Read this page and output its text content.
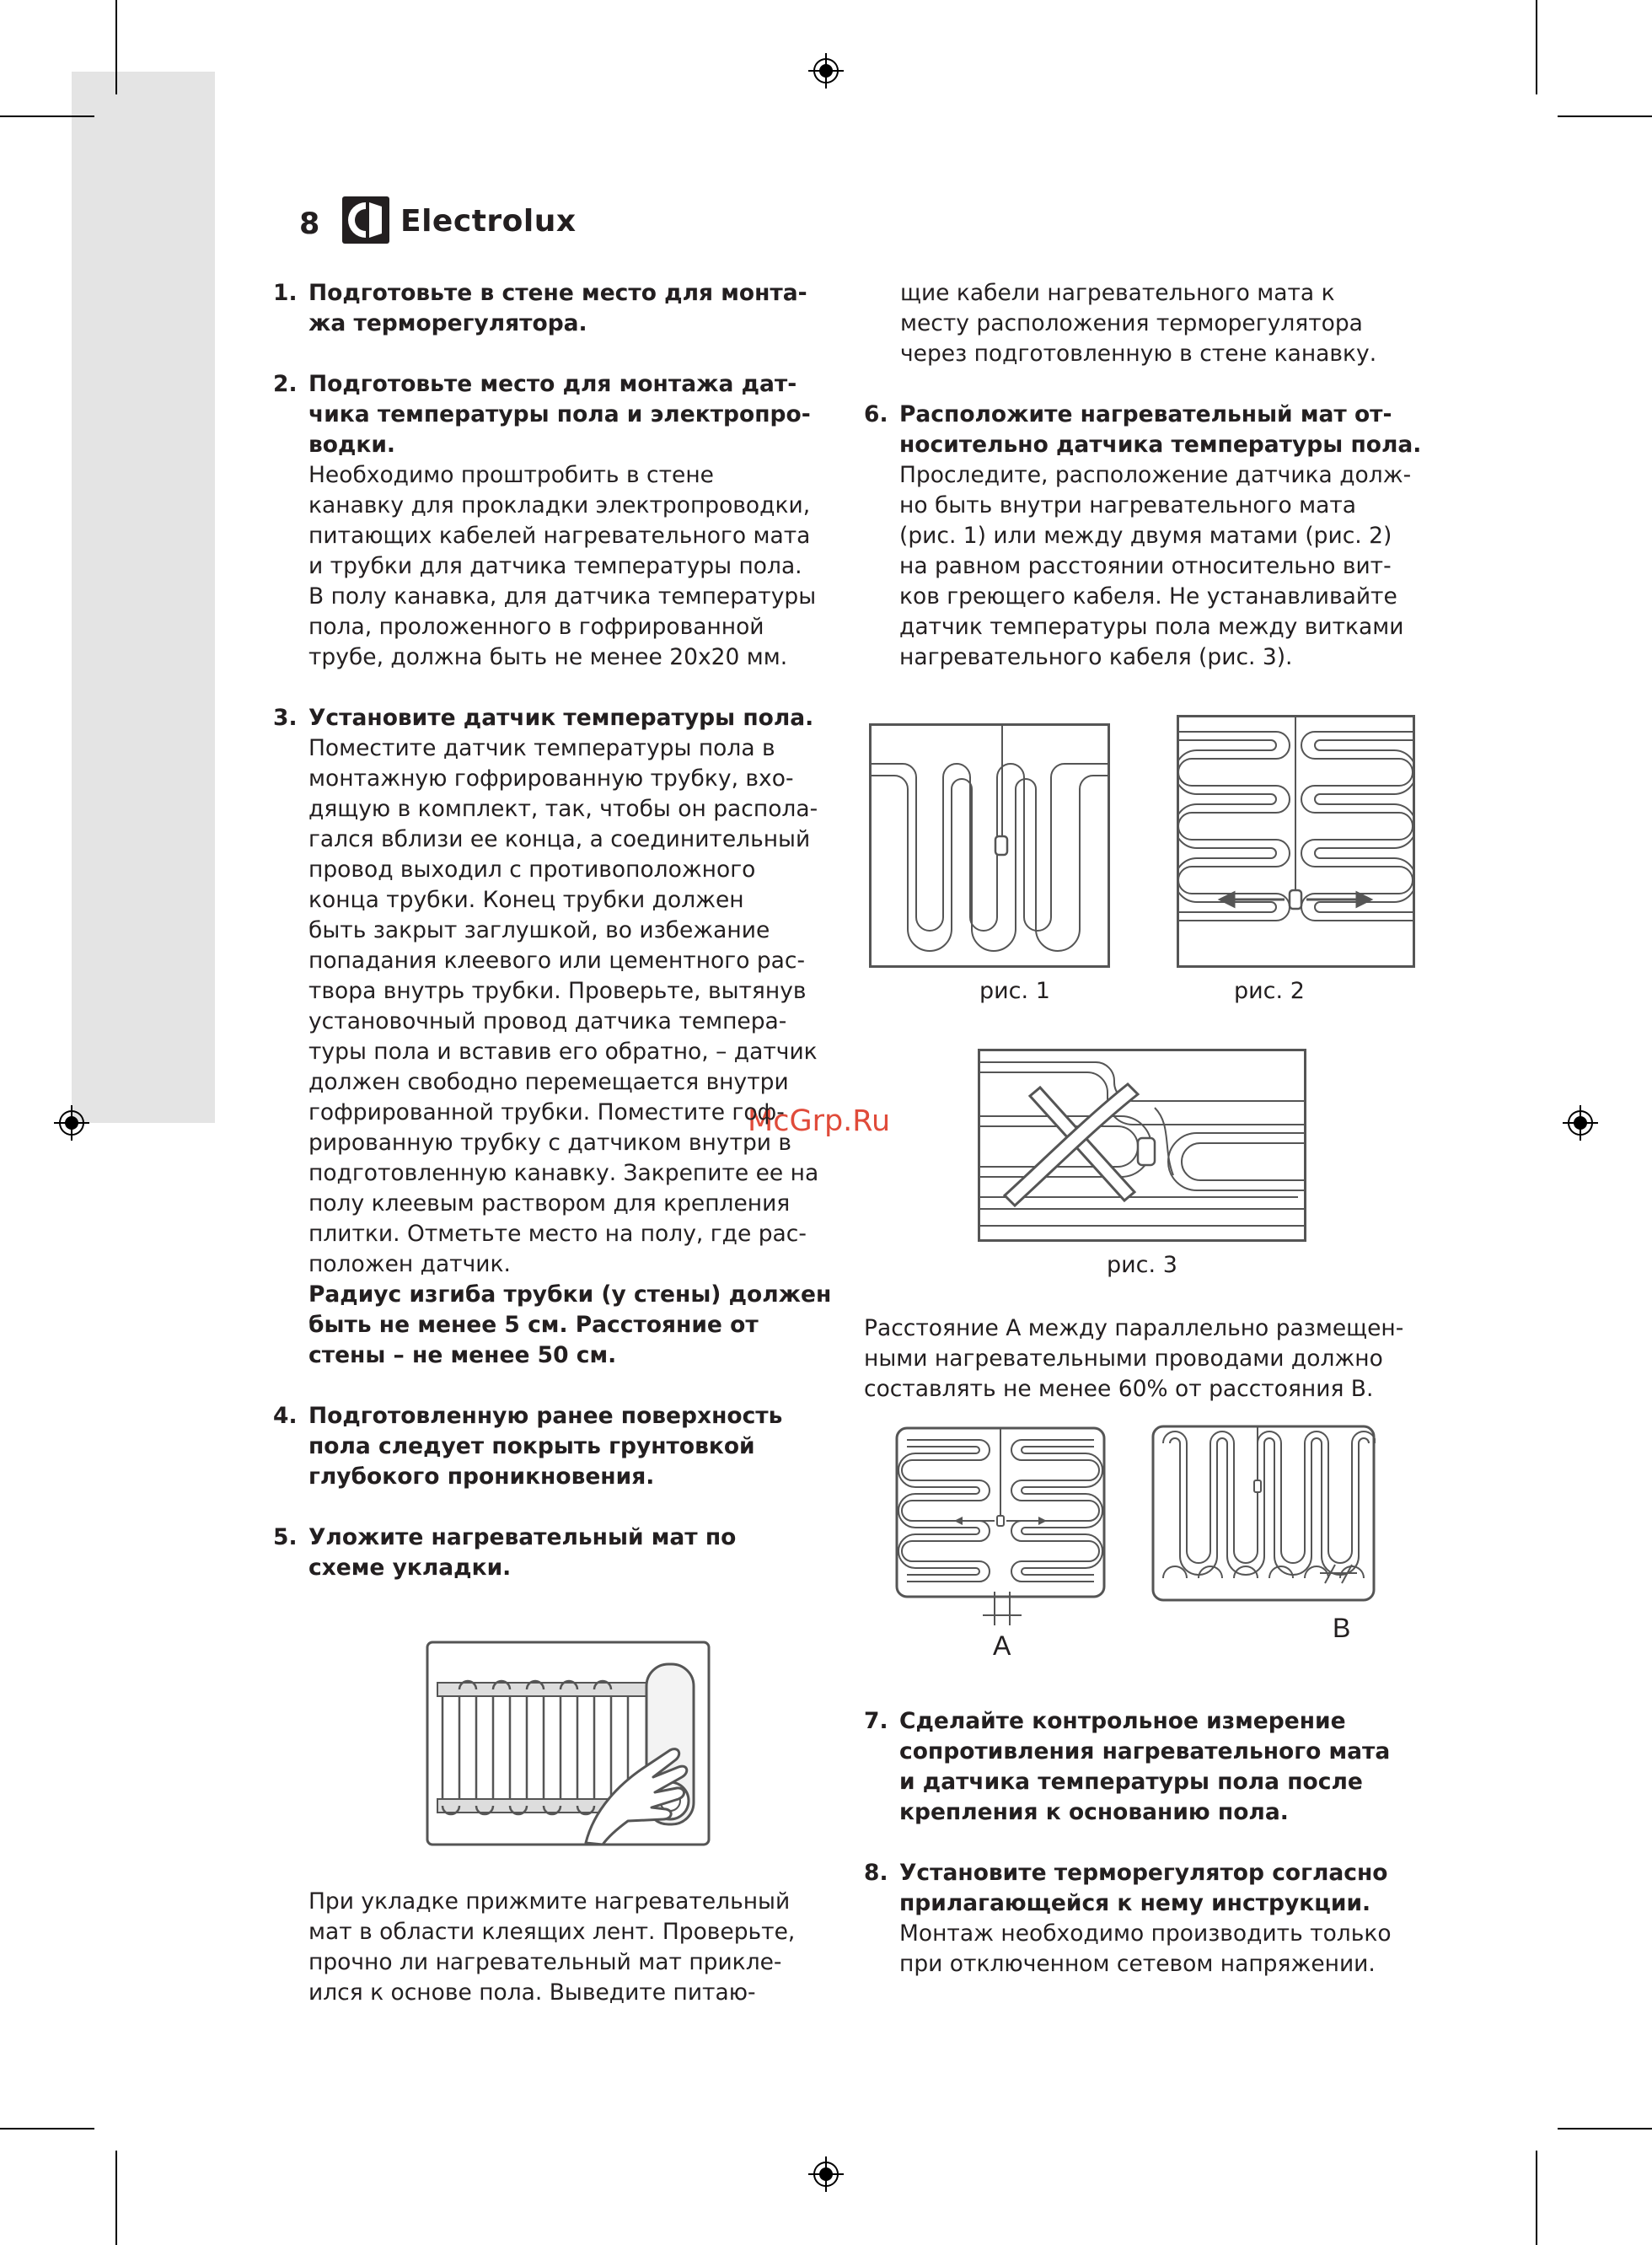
8	Electrolux
McGrp.Ru
1. Подготовьте в стене место для монта-
жа терморегулятора.
2. Подготовьте место для монтажа дат-
чика температуры пола и электропро-
водки.
Необходимо проштробить в стене
канавку для прокладки электропроводки,
питающих кабелей нагревательного мата
и трубки для датчика температуры пола.
В полу канавка, для датчика температуры
пола, проложенного в гофрированной
трубе, должна быть не менее 20х20 мм.
3. Установите датчик температуры пола.
Поместите датчик температуры пола в
монтажную гофрированную трубку, вхо-
дящую в комплект, так, чтобы он распола-
гался вблизи ее конца, а соединительный
провод выходил с противоположного
конца трубки. Конец трубки должен
быть закрыт заглушкой, во избежание
попадания клеевого или цементного рас-
твора внутрь трубки. Проверьте, вытянув
установочный провод датчика темпера-
туры пола и вставив его обратно, – датчик
должен свободно перемещается внутри
гофрированной трубки. Поместите гоф-
рированную трубку с датчиком внутри в
подготовленную канавку. Закрепите ее на
полу клеевым раствором для крепления
плитки. Отметьте место на полу, где рас-
положен датчик.
Радиус изгиба трубки (у стены) должен
быть не менее 5 см. Расстояние от
стены – не менее 50 см.
4. Подготовленную ранее поверхность
пола следует покрыть грунтовкой
глубокого проникновения.
5. Уложите нагревательный мат по
схеме укладки.
При укладке прижмите нагревательный
мат в области клеящих лент. Проверьте,
прочно ли нагревательный мат прикле-
ился к основе пола. Выведите питаю-
щие кабели нагревательного мата к
месту расположения терморегулятора
через подготовленную в стене канавку.
6. Расположите нагревательный мат от-
носительно датчика температуры пола.
Проследите, расположение датчика долж-
но быть внутри нагревательного мата
(рис. 1) или между двумя матами (рис. 2)
на равном расстоянии относительно вит-
ков греющего кабеля. Не устанавливайте
датчик температуры пола между витками
нагревательного кабеля (рис. 3).
рис. 1	рис. 2
рис. 3
Расстояние А между параллельно размещен-
ными нагревательными проводами должно
составлять не менее 60% от расстояния В.
А
В
7. Сделайте контрольное измерение
сопротивления нагревательного мата
и датчика температуры пола после
крепления к основанию пола.
8. Установите терморегулятор согласно
прилагающейся к нему инструкции.
Монтаж необходимо производить только
при отключенном сетевом напряжении.
